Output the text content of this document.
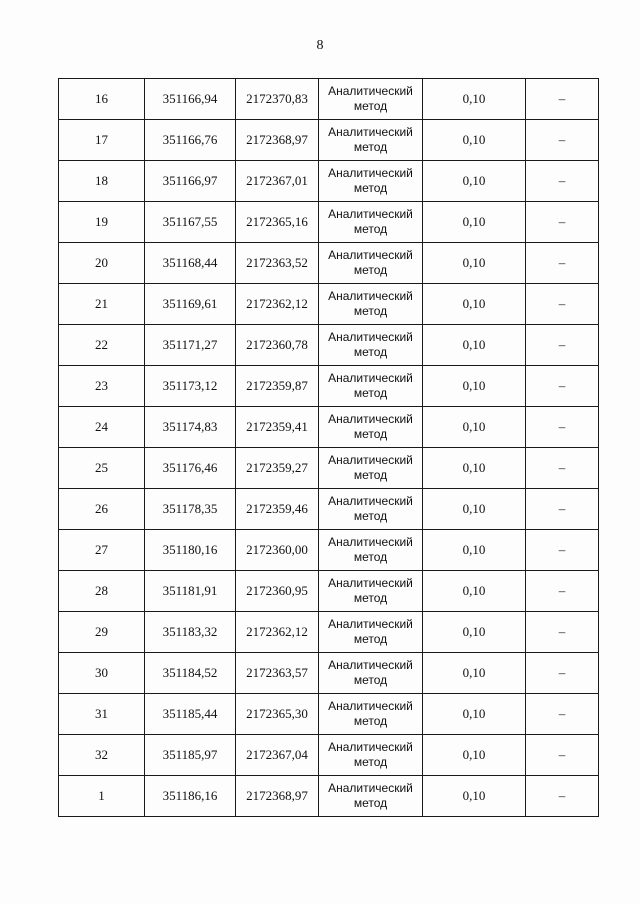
8
16	351166,94	2172370,83	Аналитический
метод	0,10	–
17	351166,76	2172368,97	Аналитический
метод	0,10	–
18	351166,97	2172367,01	Аналитический
метод	0,10	–
19	351167,55	2172365,16	Аналитический
метод	0,10	–
20	351168,44	2172363,52	Аналитический
метод	0,10	–
21	351169,61	2172362,12	Аналитический
метод	0,10	–
22	351171,27	2172360,78	Аналитический
метод	0,10	–
23	351173,12	2172359,87	Аналитический
метод	0,10	–
24	351174,83	2172359,41	Аналитический
метод	0,10	–
25	351176,46	2172359,27	Аналитический
метод	0,10	–
26	351178,35	2172359,46	Аналитический
метод	0,10	–
27	351180,16	2172360,00	Аналитический
метод	0,10	–
28	351181,91	2172360,95	Аналитический
метод	0,10	–
29	351183,32	2172362,12	Аналитический
метод	0,10	–
30	351184,52	2172363,57	Аналитический
метод	0,10	–
31	351185,44	2172365,30	Аналитический
метод	0,10	–
32	351185,97	2172367,04	Аналитический
метод	0,10	–
1	351186,16	2172368,97	Аналитический
метод	0,10	–
